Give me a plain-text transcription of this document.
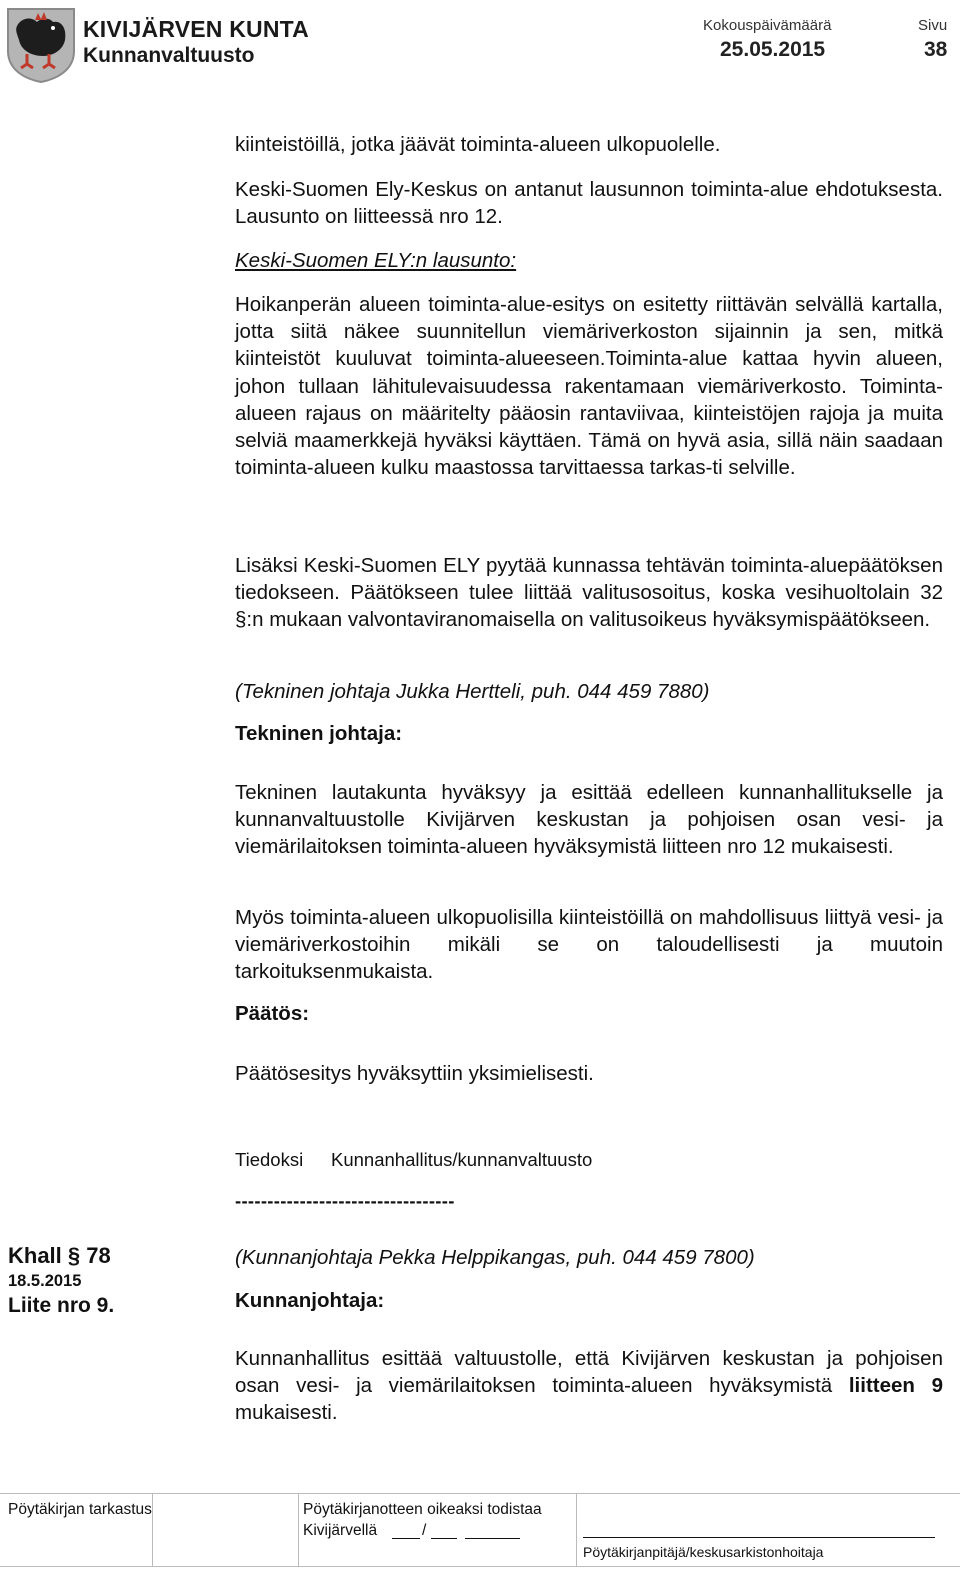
KIVIJÄRVEN KUNTA
Kunnanvaltuusto
Kokouspäivämäärä
25.05.2015
Sivu
38

kiinteistöillä, jotka jäävät toiminta-alueen ulkopuolelle.

Keski-Suomen Ely-Keskus on antanut lausunnon toiminta-alue ehdotuksesta. Lausunto on liitteessä nro 12.

Keski-Suomen ELY:n lausunto:

Hoikanperän alueen toiminta-alue-esitys on esitetty riittävän selvällä kartalla, jotta siitä näkee suunnitellun viemäriverkoston sijainnin ja sen, mitkä kiinteistöt kuuluvat toiminta-alueeseen.Toiminta-alue kattaa hyvin alueen, johon tullaan lähitulevaisuudessa rakentamaan viemäriverkosto. Toiminta-alueen rajaus on määritelty pääosin rantaviivaa, kiinteistöjen rajoja ja muita selviä maamerkkejä hyväksi käyttäen. Tämä on hyvä asia, sillä näin saadaan toiminta-alueen kulku maastossa tarvittaessa tarkas-ti selville.

Lisäksi Keski-Suomen ELY pyytää kunnassa tehtävän toiminta-aluepäätöksen tiedokseen. Päätökseen tulee liittää valitusosoitus, koska vesihuoltolain 32 §:n mukaan valvontaviranomaisella on valitusoikeus hyväksymispäätökseen.

(Tekninen johtaja Jukka Hertteli, puh. 044 459 7880)
Tekninen johtaja:

Tekninen lautakunta hyväksyy ja esittää edelleen kunnanhallitukselle ja kunnanvaltuustolle Kivijärven keskustan ja pohjoisen osan vesi- ja viemärilaitoksen toiminta-alueen hyväksymistä liitteen nro 12 mukaisesti.

Myös toiminta-alueen ulkopuolisilla kiinteistöillä on mahdollisuus liittyä vesi- ja viemäriverkostoihin mikäli se on taloudellisesti ja muutoin tarkoituksenmukaista.

Päätös:
Päätösesitys hyväksyttiin yksimielisesti.
Tiedoksi Kunnanhallitus/kunnanvaltuusto
----------------------------------
Khall § 78
18.5.2015
Liite nro 9.
(Kunnanjohtaja Pekka Helppikangas, puh. 044 459 7800)
Kunnanjohtaja:

Kunnanhallitus esittää valtuustolle, että Kivijärven keskustan ja pohjoisen osan vesi- ja viemärilaitoksen toiminta-alueen hyväksymistä liitteen 9 mukaisesti.

Pöytäkirjan tarkastus	Pöytäkirjanotteen oikeaksi todistaa
Kivijärvellä	/
Pöytäkirjanpitäjä/keskusarkistonhoitaja
